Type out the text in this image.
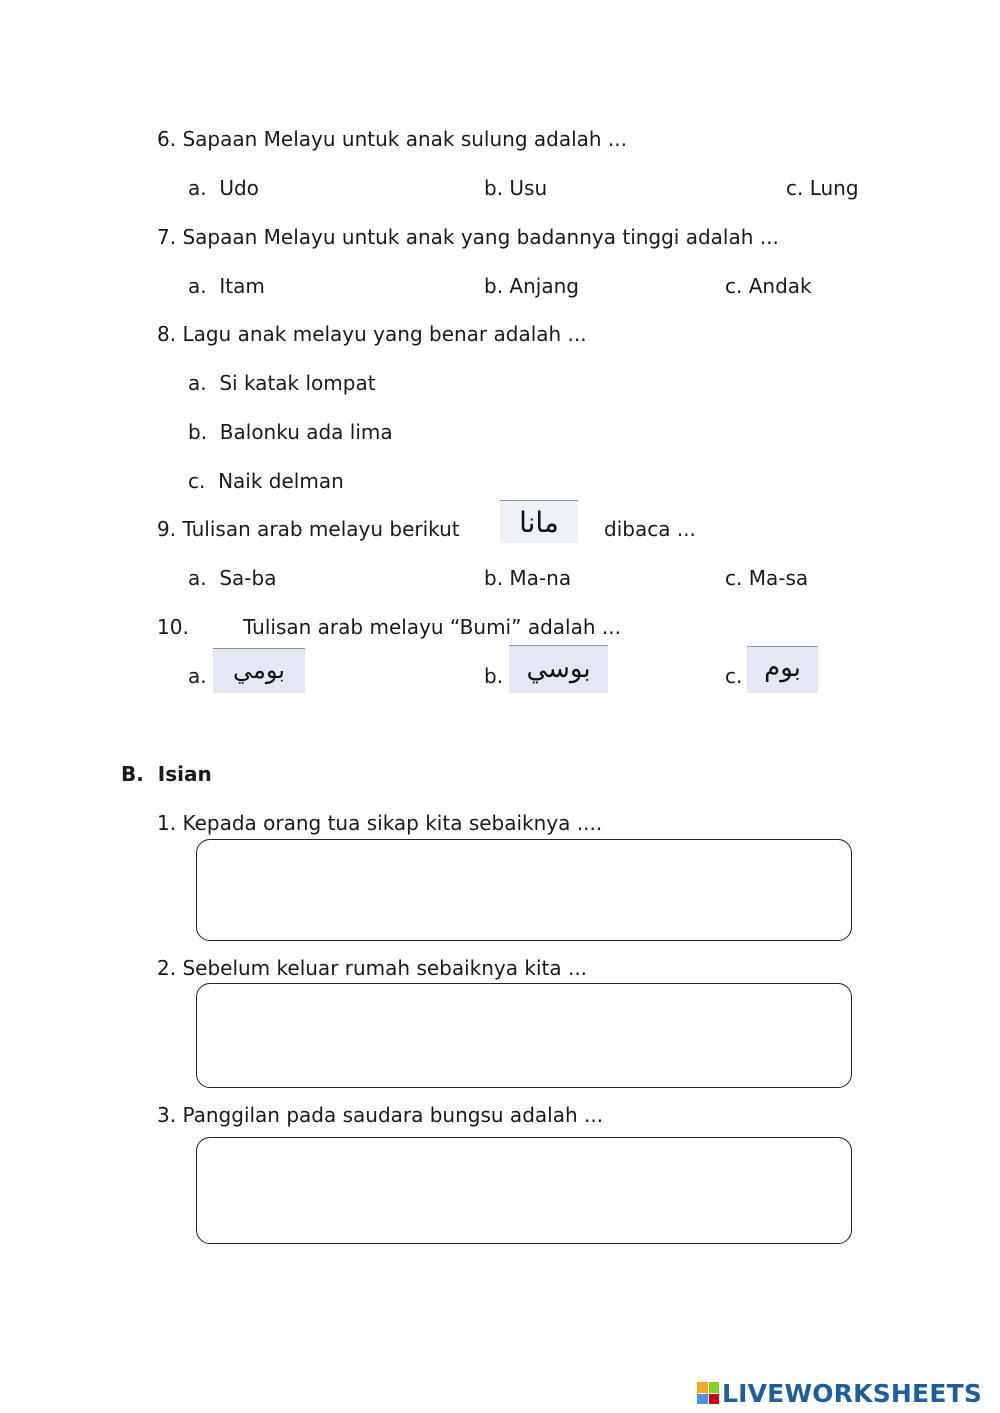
6. Sapaan Melayu untuk anak sulung adalah ...
a. Udo	b. Usu	c. Lung
7. Sapaan Melayu untuk anak yang badannya tinggi adalah ...
a. Itam	b. Anjang	c. Andak
8. Lagu anak melayu yang benar adalah ...
a. Si katak lompat
b. Balonku ada lima
c. Naik delman
9. Tulisan arab melayu berikut	مانا	dibaca ...
a. Sa-ba	b. Ma-na	c. Ma-sa
10.	Tulisan arab melayu “Bumi” adalah ...
a.	بومي	b. بوسي	c. بوم
B.  Isian
1. Kepada orang tua sikap kita sebaiknya ....
2. Sebelum keluar rumah sebaiknya kita ...
3. Panggilan pada saudara bungsu adalah ...
LIVEWORKSHEETS
